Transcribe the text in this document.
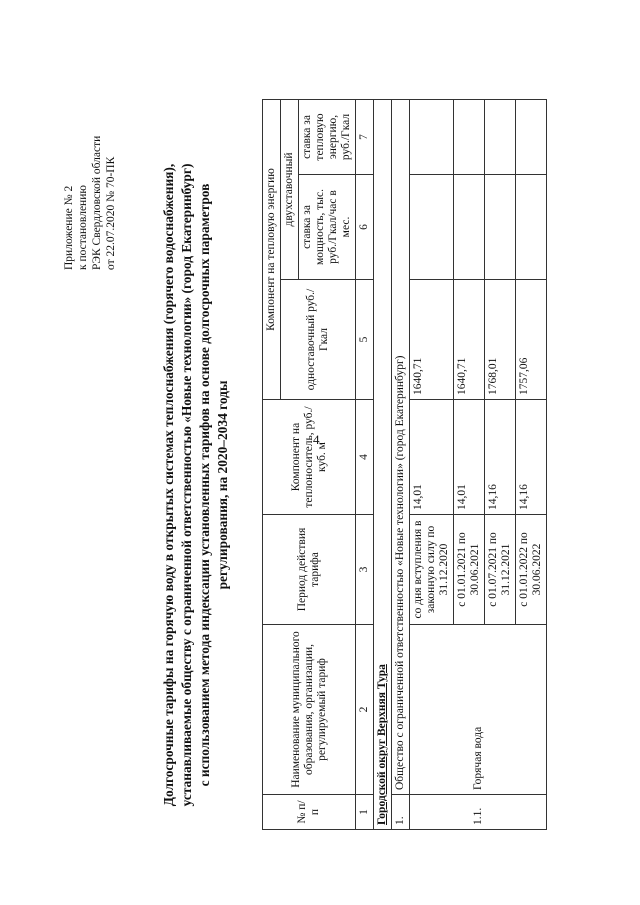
4
Приложение № 2 к постановлению РЭК Свердловской области от 22.07.2020 № 70-ПК	Долгосрочные тарифы на горячую воду в открытых системах теплоснабжения (горячего водоснабжения), устанавливаемые обществу с ограниченной ответственностью «Новые технологии» (город Екатеринбург) с использованием метода индексации установленных тарифов на основе долгосрочных параметров регулирования, на 2020–2034 годы
№ п/п	Наименование муниципального образования, организации, регулируемый тариф	Период действия тарифа	Компонент на теплоноситель, руб./куб. м	Компонент на тепловую энергию		
				одноставочный руб./Гкал	двухставочный	
					ставка за мощность, тыс. руб./Гкал/час в мес.	ставка за тепловую энергию, руб./Гкал
1	2	3	4	5	6	7
Городской округ Верхняя Тура						
1.	Общество с ограниченной ответственностью «Новые технологии» (город Екатеринбург)					
1.1.	Горячая вода	со дня вступления в законную силу по 31.12.2020	14,01	1640,71		
		с 01.01.2021 по 30.06.2021	14,01	1640,71		
		с 01.07.2021 по 31.12.2021	14,16	1768,01		
		с 01.01.2022 по 30.06.2022	14,16	1757,06		
